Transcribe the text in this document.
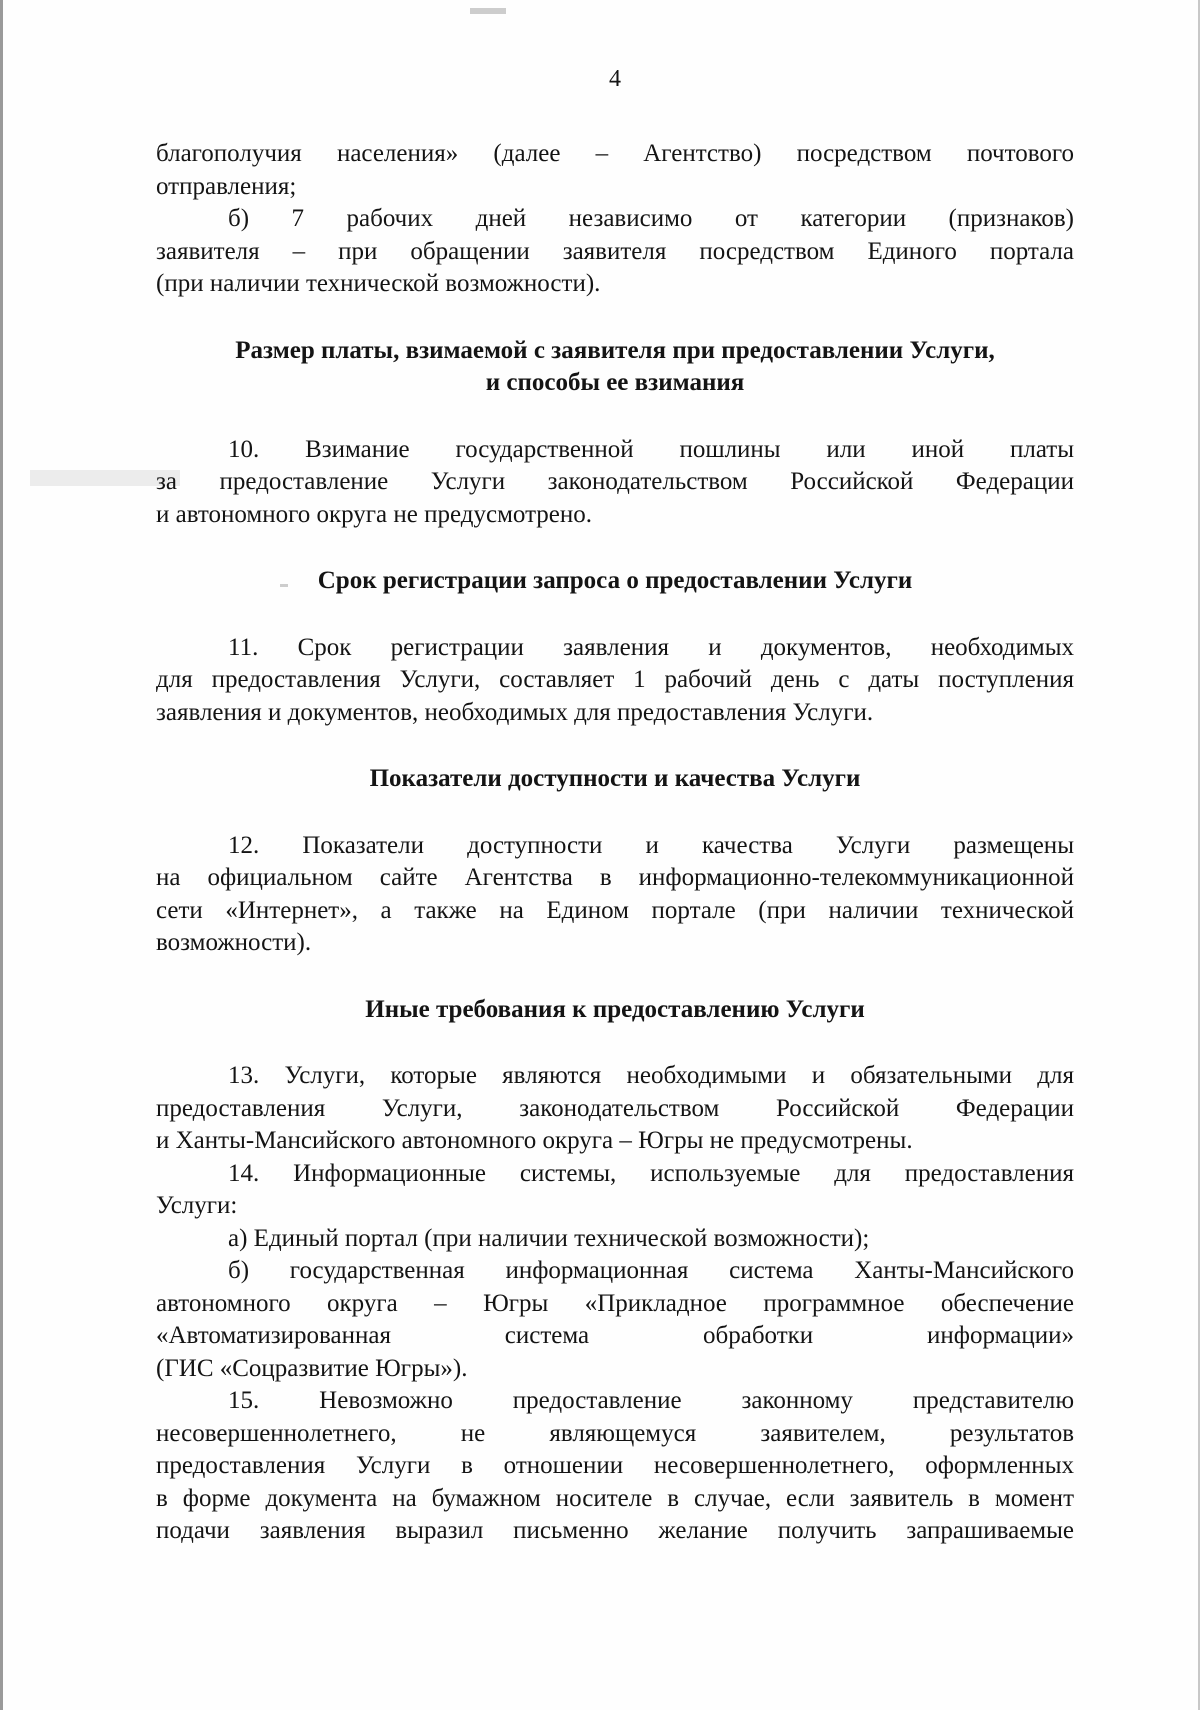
4

благополучия населения» (далее – Агентство) посредством почтового
отправления;

б) 7 рабочих дней независимо от категории (признаков)
заявителя – при обращении заявителя посредством Единого портала
(при наличии технической возможности).

Размер платы, взимаемой с заявителя при предоставлении Услуги,
и способы ее взимания

10. Взимание государственной пошлины или иной платы
за предоставление Услуги законодательством Российской Федерации
и автономного округа не предусмотрено.

Срок регистрации запроса о предоставлении Услуги

11. Срок регистрации заявления и документов, необходимых
для предоставления Услуги, составляет 1 рабочий день с даты поступления
заявления и документов, необходимых для предоставления Услуги.

Показатели доступности и качества Услуги

12. Показатели доступности и качества Услуги размещены
на официальном сайте Агентства в информационно-телекоммуникационной
сети «Интернет», а также на Едином портале (при наличии технической
возможности).

Иные требования к предоставлению Услуги

13. Услуги, которые являются необходимыми и обязательными для
предоставления Услуги, законодательством Российской Федерации
и Ханты-Мансийского автономного округа – Югры не предусмотрены.

14. Информационные системы, используемые для предоставления
Услуги:

а) Единый портал (при наличии технической возможности);

б) государственная информационная система Ханты-Мансийского
автономного округа – Югры «Прикладное программное обеспечение
«Автоматизированная система обработки информации»
(ГИС «Соцразвитие Югры»).

15. Невозможно предоставление законному представителю
несовершеннолетнего, не являющемуся заявителем, результатов
предоставления Услуги в отношении несовершеннолетнего, оформленных
в форме документа на бумажном носителе в случае, если заявитель в момент
подачи заявления выразил письменно желание получить запрашиваемые
